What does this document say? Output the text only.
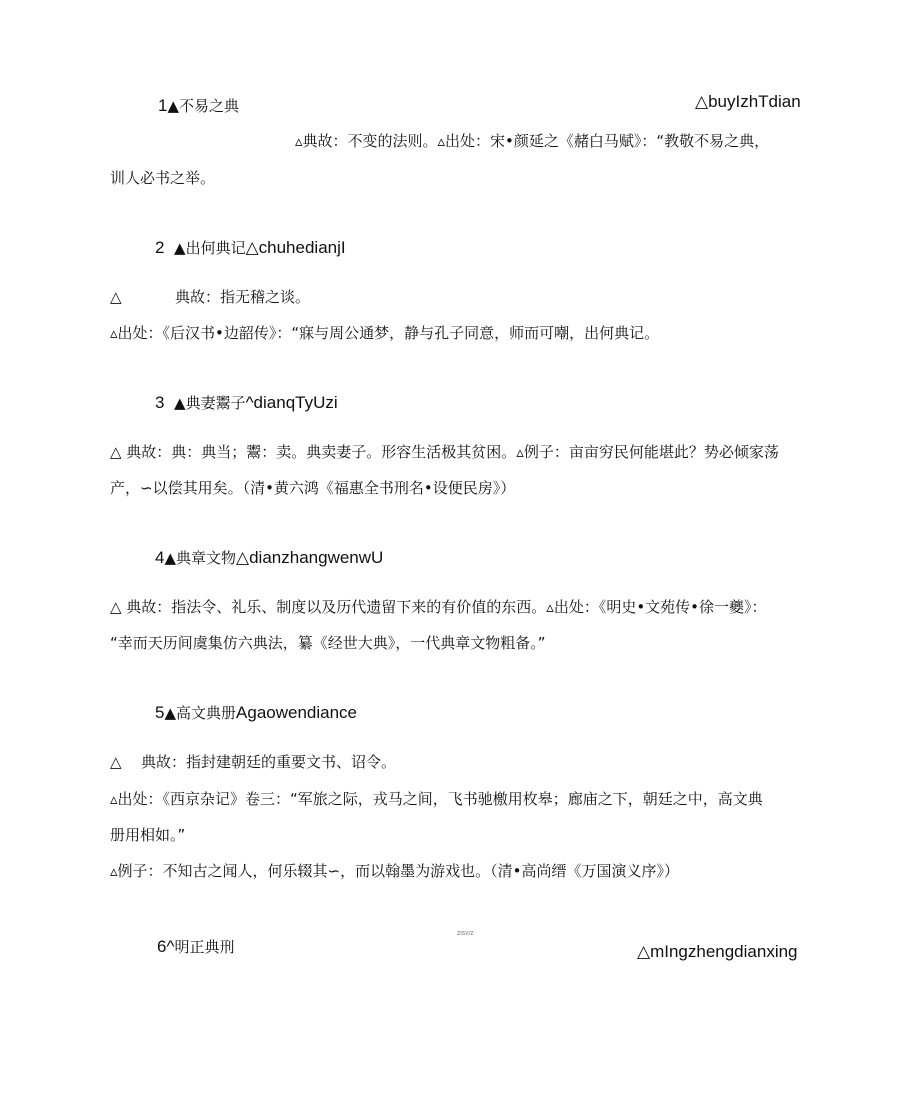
1▲不易之典	△buyIzhTdian
▵典故：不变的法则。▵出处：宋•颜延之《赭白马赋》：“教敬不易之典，
训人必书之举。
2 ▲出何典记△chuhedianjI
△	典故：指无稽之谈。
▵出处：《后汉书•边韶传》：“寐与周公通梦，静与孔子同意，师而可嘲，出何典记。
3 ▲典妻鬻子^dianqTyUzi
△ 典故：典：典当；鬻：卖。典卖妻子。形容生活极其贫困。▵例子：亩亩穷民何能堪此？势必倾家荡
产，∽以偿其用矣。（清•黄六鸿《福惠全书刑名•设便民房》）
4▲典章文物△dianzhangwenwU
△ 典故：指法令、礼乐、制度以及历代遗留下来的有价值的东西。▵出处：《明史•文苑传•徐一夔》：
“幸而天历间虞集仿六典法，纂《经世大典》，一代典章文物粗备。”
5▲高文典册Agaowendiance
△ 典故：指封建朝廷的重要文书、诏令。
▵出处：《西京杂记》卷三：“军旅之际，戎马之间，飞书驰檄用枚皋；廊庙之下，朝廷之中，高文典
册用相如。”
▵例子：不知古之闻人，何乐辍其∽，而以翰墨为游戏也。（清•高尚缙《万国演义序》）
ZISV/Z
6^明正典刑	△mIngzhengdianxing
